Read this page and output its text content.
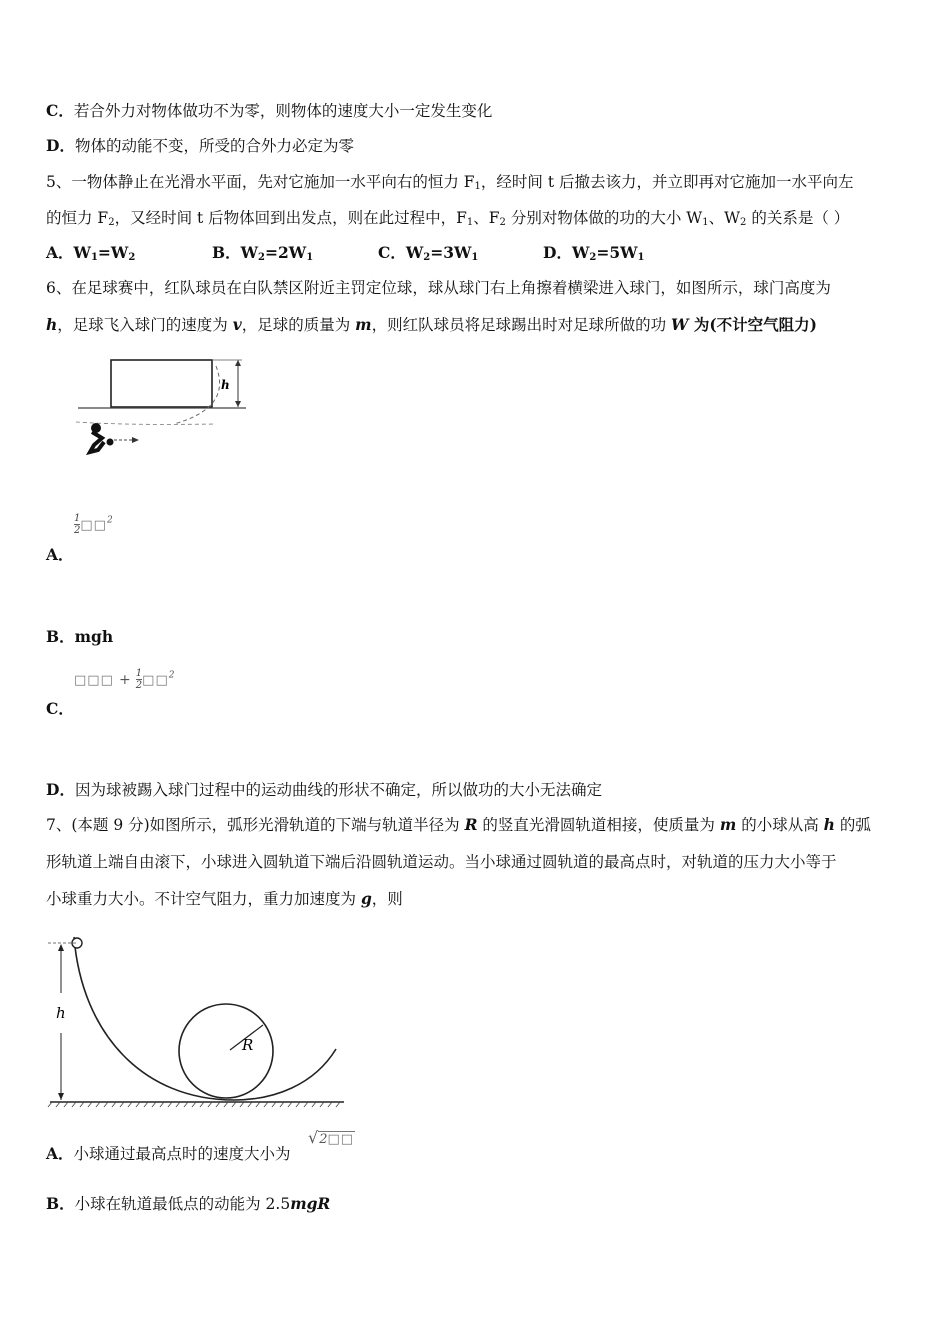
C．若合外力对物体做功不为零，则物体的速度大小一定发生变化
D．物体的动能不变，所受的合外力必定为零
5、一物体静止在光滑水平面，先对它施加一水平向右的恒力 $F_1$，经时间 t 后撤去该力，并立即再对它施加一水平向左
的恒力 $F_2$，又经时间 t 后物体回到出发点，则在此过程中，$F_1$、$F_2$ 分别对物体做的功的大小 $W_1$、$W_2$ 的关系是（ ）
A．$W_1=W_2$	B．$W_2=2W_1$	C．$W_2=3W_1$	D．$W_2=5W_1$
6、在足球赛中，红队球员在白队禁区附近主罚定位球，球从球门右上角擦着横梁进入球门，如图所示，球门高度为
h，足球飞入球门的速度为 v，足球的质量为 m，则红队球员将足球踢出时对足球所做的功 W 为(不计空气阻力)
h
$\frac{1}{2}$ □□$^2$
A．
B．mgh
□□□ + $\frac{1}{2}$ □□$^2$
C．
D．因为球被踢入球门过程中的运动曲线的形状不确定，所以做功的大小无法确定
7、(本题 9 分)如图所示，弧形光滑轨道的下端与轨道半径为 R 的竖直光滑圆轨道相接，使质量为 m 的小球从高 h 的弧
形轨道上端自由滚下，小球进入圆轨道下端后沿圆轨道运动。当小球通过圆轨道的最高点时，对轨道的压力大小等于
小球重力大小。不计空气阻力，重力加速度为 g，则
R
h
A．小球通过最高点时的速度大小为
√2□□
B．小球在轨道最低点的动能为 2.5mgR
